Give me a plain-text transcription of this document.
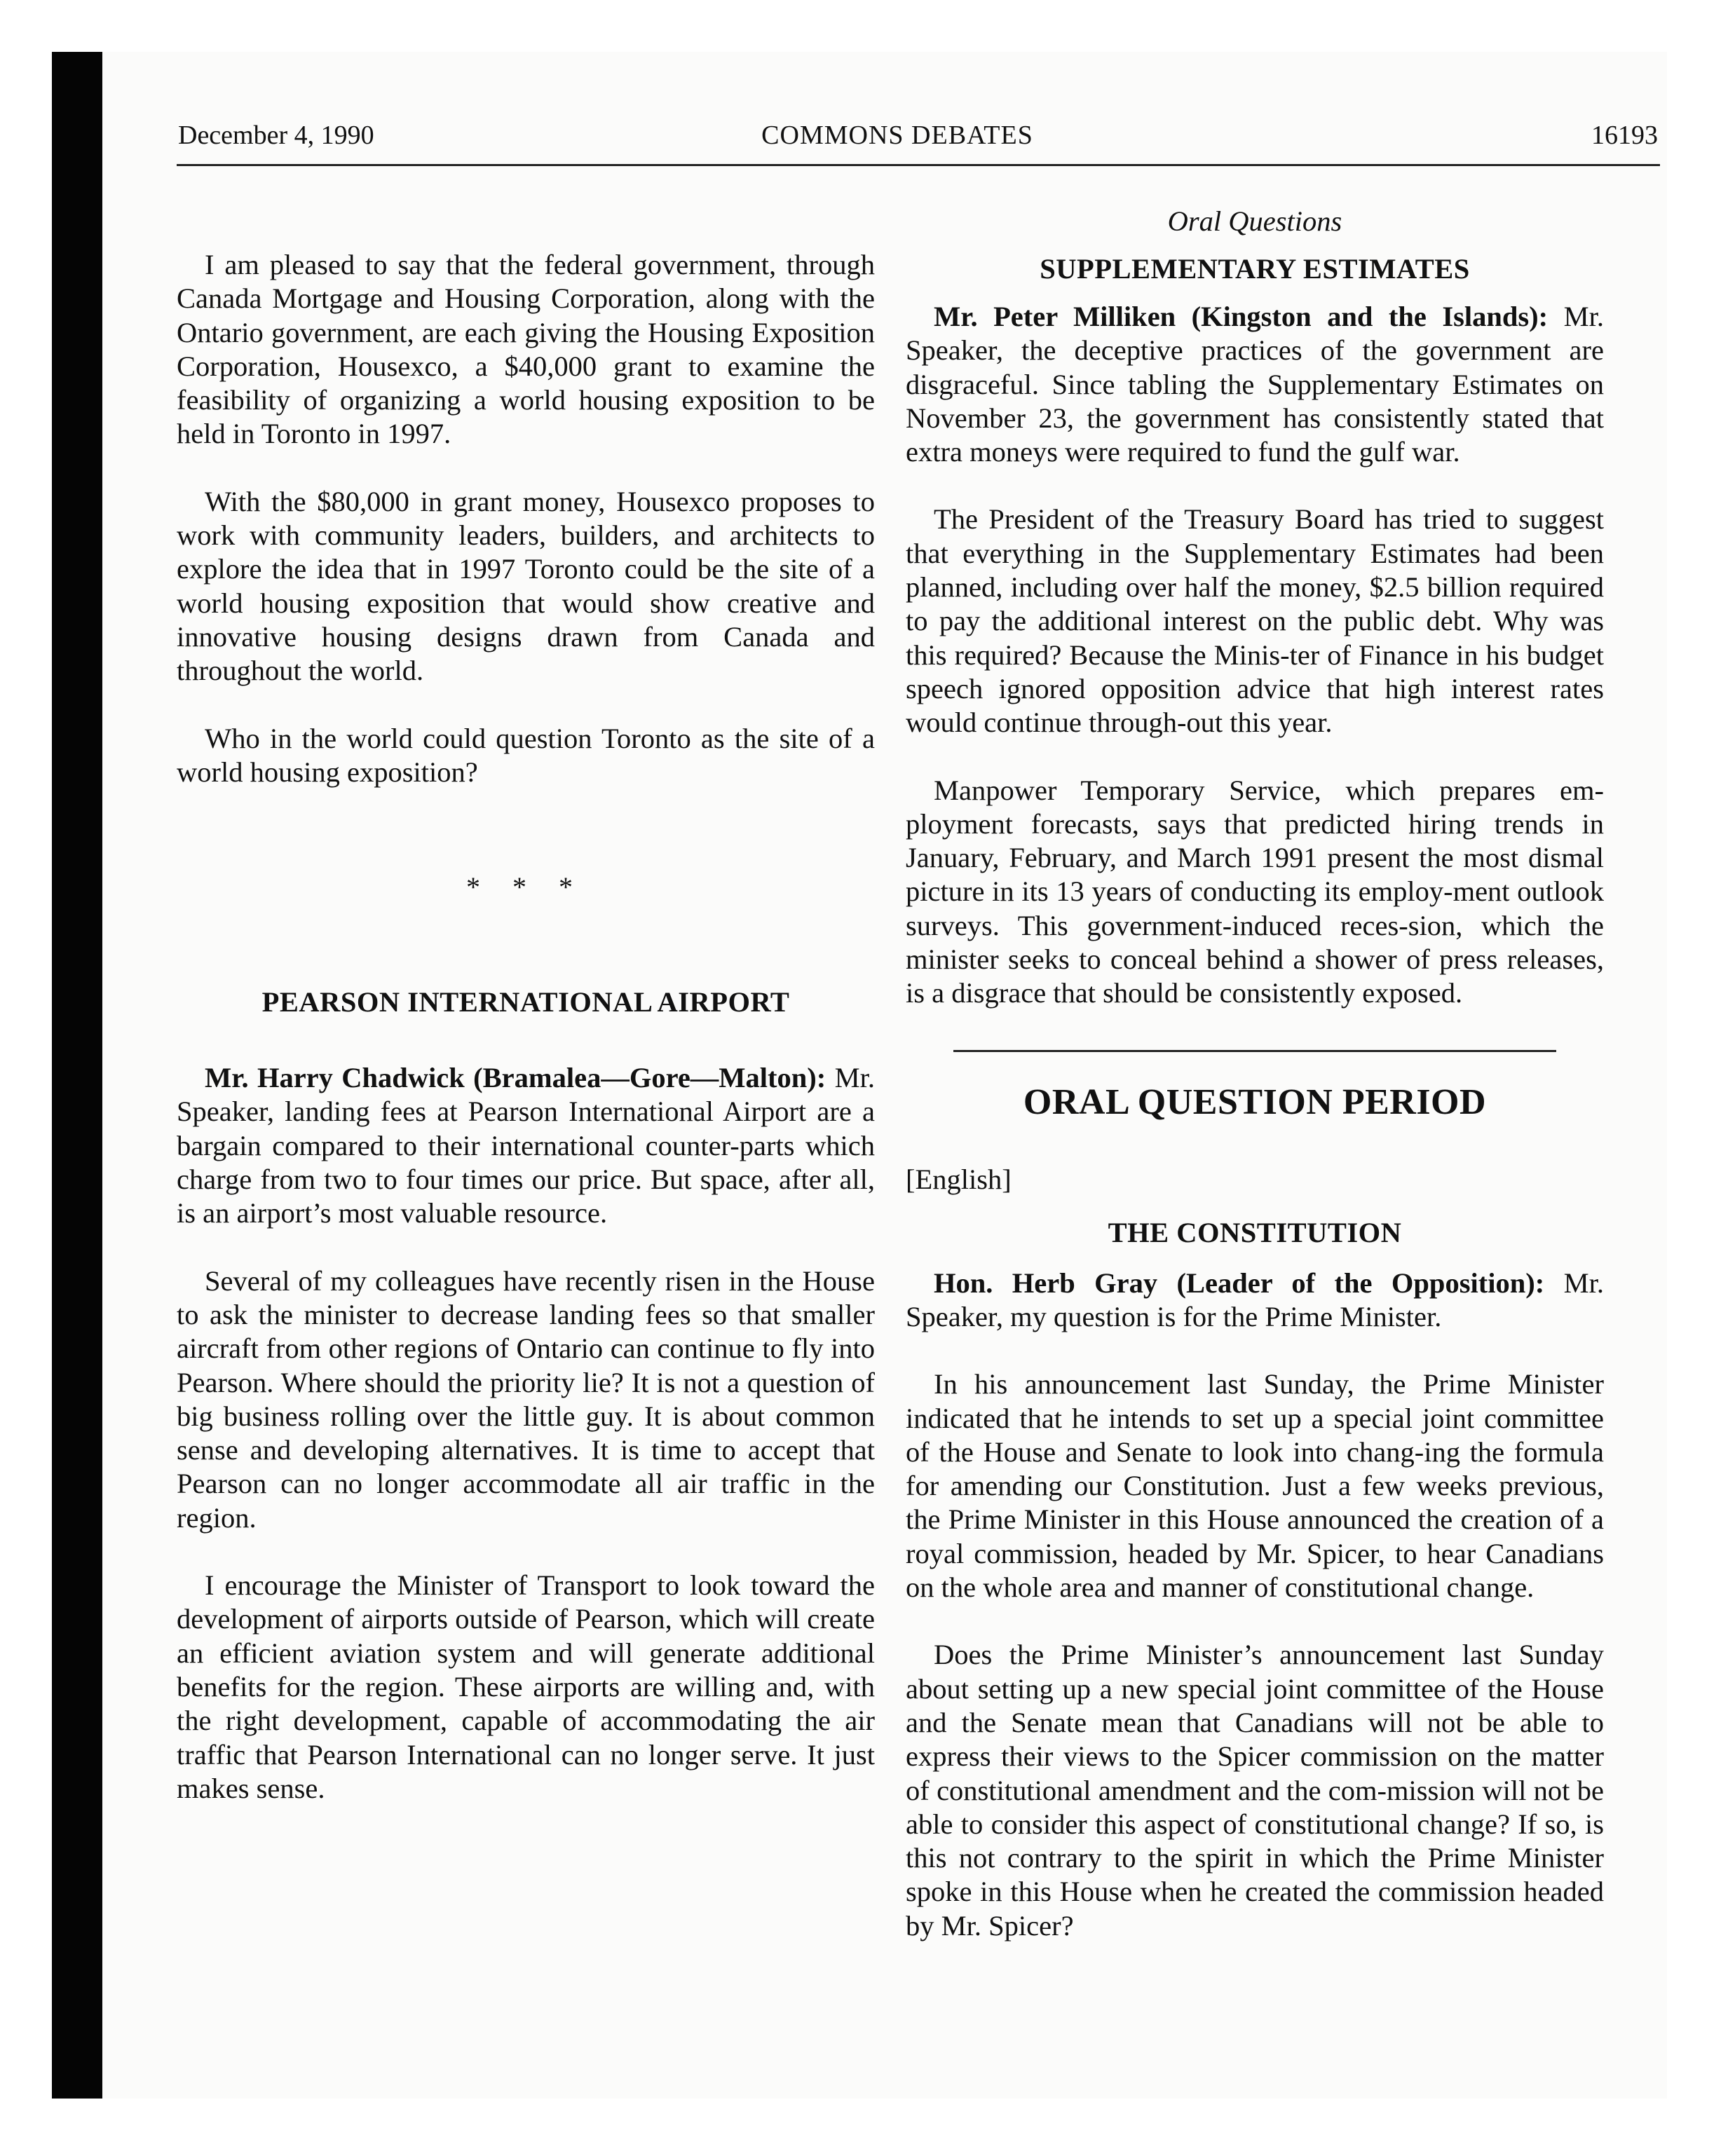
December 4, 1990	COMMONS DEBATES	16193

I am pleased to say that the federal government, through Canada Mortgage and Housing Corporation, along with the Ontario government, are each giving the Housing Exposition Corporation, Housexco, a $40,000 grant to examine the feasibility of organizing a world housing exposition to be held in Toronto in 1997.

With the $80,000 in grant money, Housexco proposes to work with community leaders, builders, and architects to explore the idea that in 1997 Toronto could be the site of a world housing exposition that would show creative and innovative housing designs drawn from Canada and throughout the world.

Who in the world could question Toronto as the site of a world housing exposition?

* * *
PEARSON INTERNATIONAL AIRPORT

Mr. Harry Chadwick (Bramalea—Gore—Malton): Mr. Speaker, landing fees at Pearson International Airport are a bargain compared to their international counter-parts which charge from two to four times our price. But space, after all, is an airport’s most valuable resource.

Several of my colleagues have recently risen in the House to ask the minister to decrease landing fees so that smaller aircraft from other regions of Ontario can continue to fly into Pearson. Where should the priority lie? It is not a question of big business rolling over the little guy. It is about common sense and developing alternatives. It is time to accept that Pearson can no longer accommodate all air traffic in the region.

I encourage the Minister of Transport to look toward the development of airports outside of Pearson, which will create an efficient aviation system and will generate additional benefits for the region. These airports are willing and, with the right development, capable of accommodating the air traffic that Pearson International can no longer serve. It just makes sense.

Oral Questions
SUPPLEMENTARY ESTIMATES

Mr. Peter Milliken (Kingston and the Islands): Mr. Speaker, the deceptive practices of the government are disgraceful. Since tabling the Supplementary Estimates on November 23, the government has consistently stated that extra moneys were required to fund the gulf war.

The President of the Treasury Board has tried to suggest that everything in the Supplementary Estimates had been planned, including over half the money, $2.5 billion required to pay the additional interest on the public debt. Why was this required? Because the Minis-ter of Finance in his budget speech ignored opposition advice that high interest rates would continue through-out this year.

Manpower Temporary Service, which prepares em-ployment forecasts, says that predicted hiring trends in January, February, and March 1991 present the most dismal picture in its 13 years of conducting its employ-ment outlook surveys. This government-induced reces-sion, which the minister seeks to conceal behind a shower of press releases, is a disgrace that should be consistently exposed.

ORAL QUESTION PERIOD
[English]
THE CONSTITUTION

Hon. Herb Gray (Leader of the Opposition): Mr. Speaker, my question is for the Prime Minister.

In his announcement last Sunday, the Prime Minister indicated that he intends to set up a special joint committee of the House and Senate to look into chang-ing the formula for amending our Constitution. Just a few weeks previous, the Prime Minister in this House announced the creation of a royal commission, headed by Mr. Spicer, to hear Canadians on the whole area and manner of constitutional change.

Does the Prime Minister’s announcement last Sunday about setting up a new special joint committee of the House and the Senate mean that Canadians will not be able to express their views to the Spicer commission on the matter of constitutional amendment and the com-mission will not be able to consider this aspect of constitutional change? If so, is this not contrary to the spirit in which the Prime Minister spoke in this House when he created the commission headed by Mr. Spicer?
